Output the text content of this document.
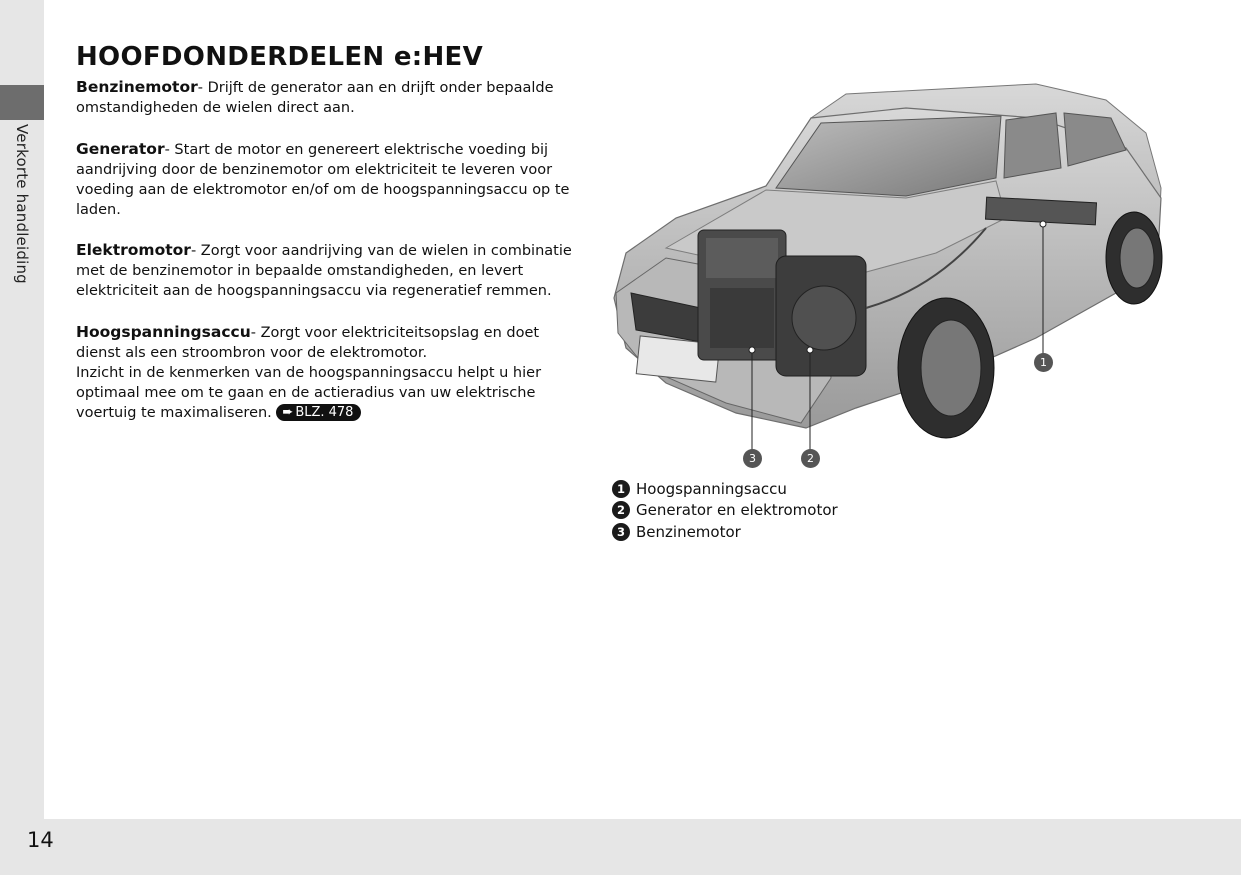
Verkorte handleiding
14
HOOFDONDERDELEN e:HEV

Benzinemotor- Drijft de generator aan en drijft onder bepaalde omstandigheden de wielen direct aan.

Generator- Start de motor en genereert elektrische voeding bij aandrijving door de benzinemotor om elektriciteit te leveren voor voeding aan de elektromotor en/of om de hoogspanningsaccu op te laden.

Elektromotor- Zorgt voor aandrijving van de wielen in combinatie met de benzinemotor in bepaalde omstandigheden, en levert elektriciteit aan de hoogspanningsaccu via regeneratief remmen.

Hoogspanningsaccu- Zorgt voor elektriciteitsopslag en doet dienst als een stroombron voor de elektromotor.

Inzicht in de kenmerken van de hoogspanningsaccu helpt u hier optimaal mee om te gaan en de actieradius van uw elektrische voertuig te maximaliseren. ➨ BLZ. 478

1
2
3
1 Hoogspanningsaccu
2 Generator en elektromotor
3 Benzinemotor
